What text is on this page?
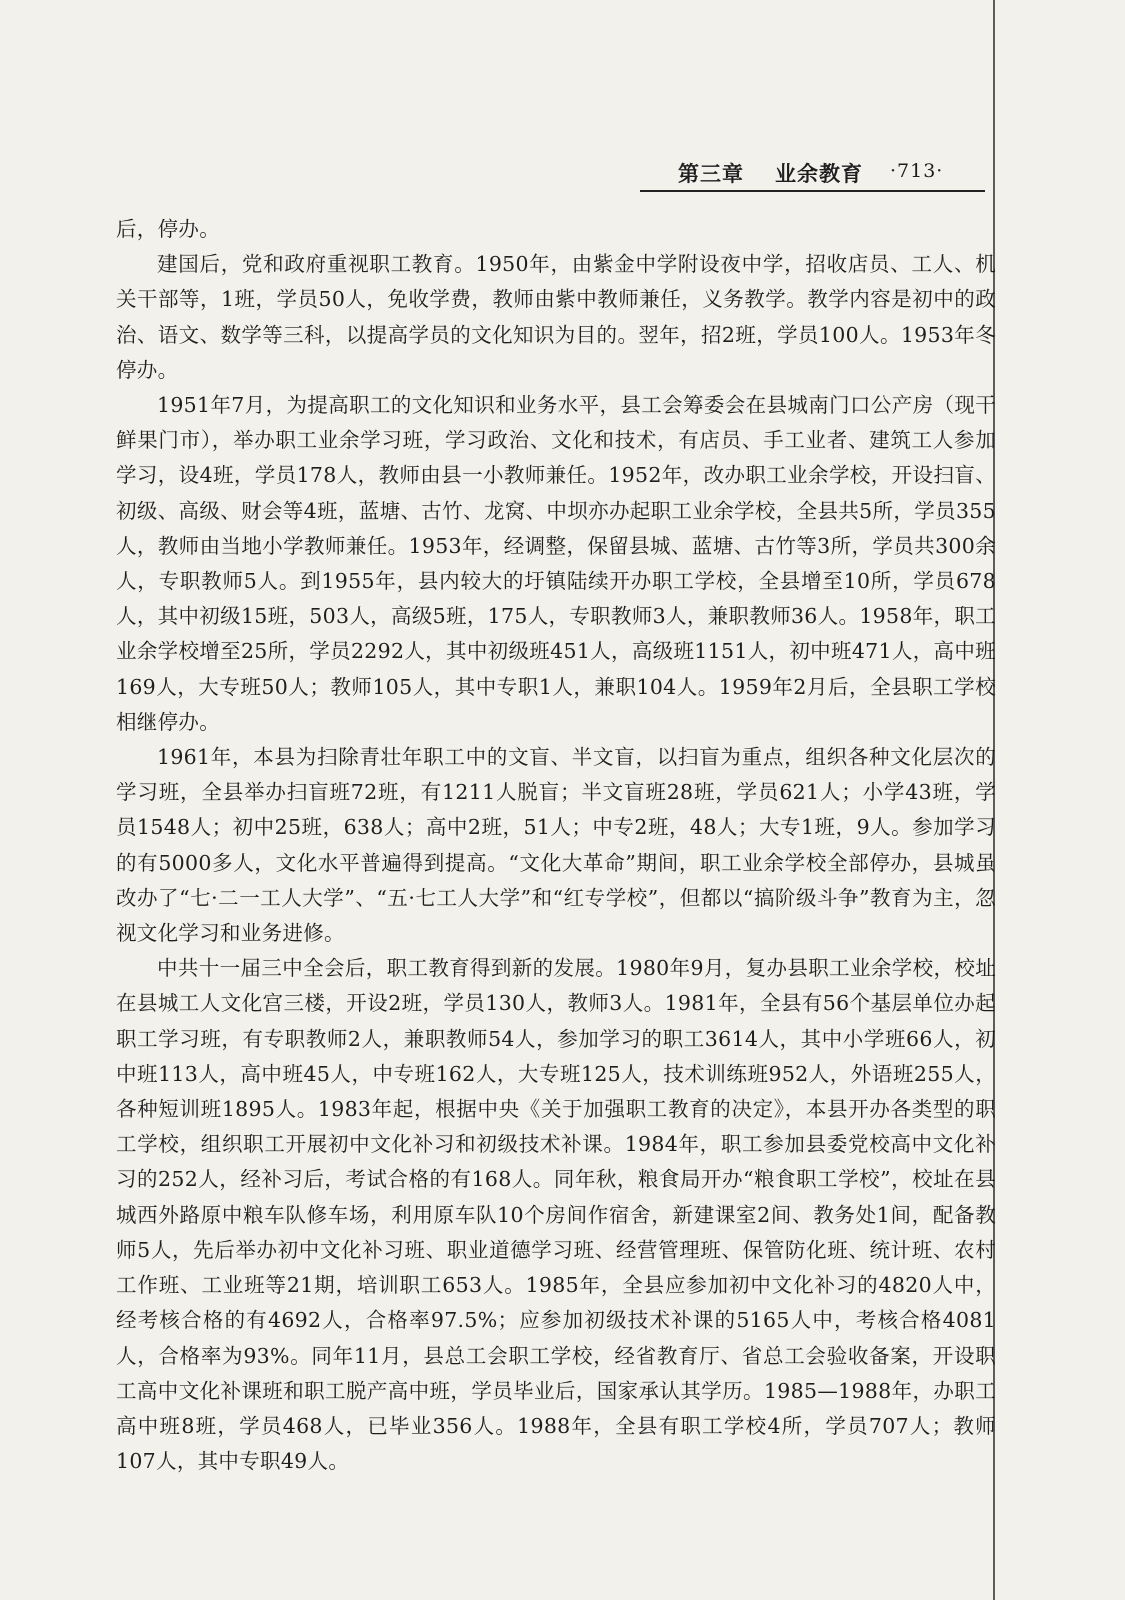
第三章 业余教育 ·713·

后，停办。

建国后，党和政府重视职工教育。1950年，由紫金中学附设夜中学，招收店员、工人、机关干部等，1班，学员50人，免收学费，教师由紫中教师兼任，义务教学。教学内容是初中的政治、语文、数学等三科，以提高学员的文化知识为目的。翌年，招2班，学员100人。1953年冬停办。

1951年7月，为提高职工的文化知识和业务水平，县工会筹委会在县城南门口公产房（现干鲜果门市），举办职工业余学习班，学习政治、文化和技术，有店员、手工业者、建筑工人参加学习，设4班，学员178人，教师由县一小教师兼任。1952年，改办职工业余学校，开设扫盲、初级、高级、财会等4班，蓝塘、古竹、龙窝、中坝亦办起职工业余学校，全县共5所，学员355人，教师由当地小学教师兼任。1953年，经调整，保留县城、蓝塘、古竹等3所，学员共300余人，专职教师5人。到1955年，县内较大的圩镇陆续开办职工学校，全县增至10所，学员678人，其中初级15班，503人，高级5班，175人，专职教师3人，兼职教师36人。1958年，职工业余学校增至25所，学员2292人，其中初级班451人，高级班1151人，初中班471人，高中班169人，大专班50人；教师105人，其中专职1人，兼职104人。1959年2月后，全县职工学校相继停办。

1961年，本县为扫除青壮年职工中的文盲、半文盲，以扫盲为重点，组织各种文化层次的学习班，全县举办扫盲班72班，有1211人脱盲；半文盲班28班，学员621人；小学43班，学员1548人；初中25班，638人；高中2班，51人；中专2班，48人；大专1班，9人。参加学习的有5000多人，文化水平普遍得到提高。“文化大革命”期间，职工业余学校全部停办，县城虽改办了“七·二一工人大学”、“五·七工人大学”和“红专学校”，但都以“搞阶级斗争”教育为主，忽视文化学习和业务进修。

中共十一届三中全会后，职工教育得到新的发展。1980年9月，复办县职工业余学校，校址在县城工人文化宫三楼，开设2班，学员130人，教师3人。1981年，全县有56个基层单位办起职工学习班，有专职教师2人，兼职教师54人，参加学习的职工3614人，其中小学班66人，初中班113人，高中班45人，中专班162人，大专班125人，技术训练班952人，外语班255人，各种短训班1895人。1983年起，根据中央《关于加强职工教育的决定》，本县开办各类型的职工学校，组织职工开展初中文化补习和初级技术补课。1984年，职工参加县委党校高中文化补习的252人，经补习后，考试合格的有168人。同年秋，粮食局开办“粮食职工学校”，校址在县城西外路原中粮车队修车场，利用原车队10个房间作宿舍，新建课室2间、教务处1间，配备教师5人，先后举办初中文化补习班、职业道德学习班、经营管理班、保管防化班、统计班、农村工作班、工业班等21期，培训职工653人。1985年，全县应参加初中文化补习的4820人中，经考核合格的有4692人，合格率97.5%；应参加初级技术补课的5165人中，考核合格4081人，合格率为93%。同年11月，县总工会职工学校，经省教育厅、省总工会验收备案，开设职工高中文化补课班和职工脱产高中班，学员毕业后，国家承认其学历。1985—1988年，办职工高中班8班，学员468人，已毕业356人。1988年，全县有职工学校4所，学员707人；教师107人，其中专职49人。
